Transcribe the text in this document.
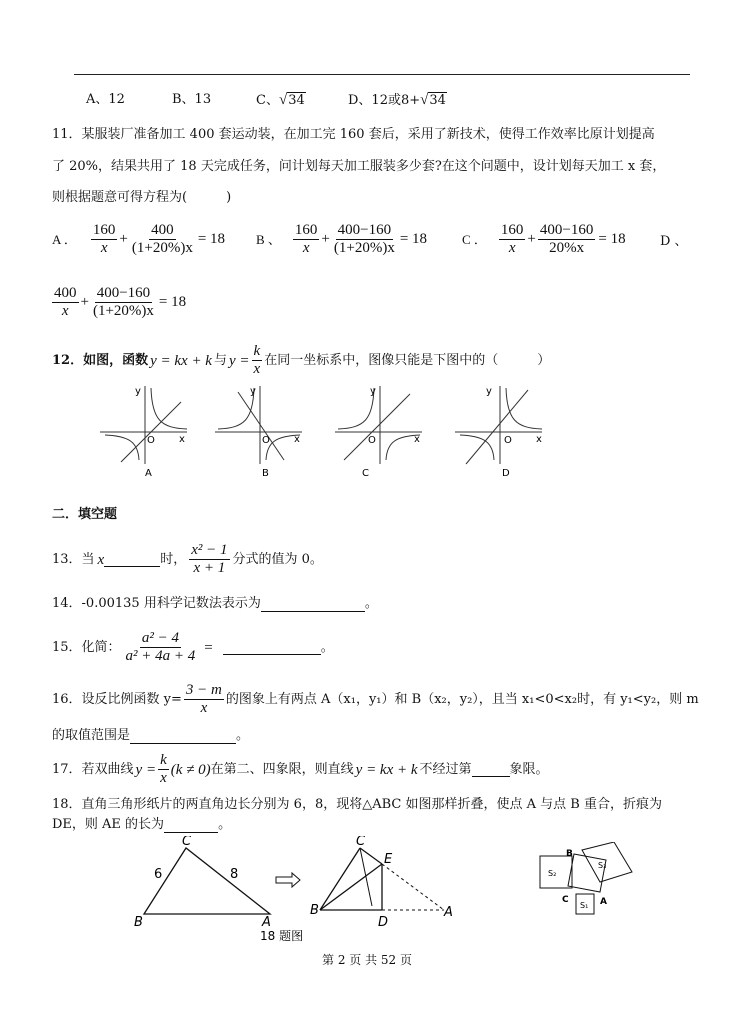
A、12	B、13	C、√34	D、12或8+√34
11．某服装厂准备加工 400 套运动装，在加工完 160 套后，采用了新技术，使得工作效率比原计划提高
了 20%，结果共用了 18 天完成任务，问计划每天加工服装多少套?在这个问题中，设计划每天加工 x 套，
则根据题意可得方程为(　　　)
A ． $\frac{160}{x} + \frac{400}{(1+20\%)x} = 18$ B 、 $\frac{160}{x} + \frac{400-160}{(1+20\%)x} = 18$	C ． $\frac{160}{x} + \frac{400-160}{20\%x} = 18$	D 、
$\frac{400}{x} + \frac{400-160}{(1+20\%)x} = 18$
12．如图，函数 y = kx + k 与 $y = \frac{k}{x}$ 在同一坐标系中，图像只能是下图中的（　　　）
y
x
O
A
y
x
O
B
y
x
O
C
y
x
O
D
二．填空题
13．当 x	时， $\frac{\text{x² − 1}}{x + 1}$ 分式的值为 0。
14．-0.00135 用科学记数法表示为	。
15．化简： $\frac{\text{a² − 4}}{\text{a² + 4a + 4}}$ =	。
16．设反比例函数 $y= \frac{3 - m}{x}$ 的图象上有两点 A（x₁，y₁）和 B（x₂，y₂），且当 x₁<0<x₂时，有 y₁<y₂，则 m
的取值范围是	。
17．若双曲线 $y = \frac{k}{x} (k \ne 0)$ 在第二、四象限，则直线 y = kx + k 不经过第	象限。
18．直角三角形纸片的两直角边长分别为 6，8，现将△ABC 如图那样折叠，使点 A 与点 B 重合，折痕为
DE，则 AE 的长为	。
C
B	A
6	8
C
E
B
D
A
18 题图
B
C	A
S₁
S₂
S₃
第 2 页 共 52 页
